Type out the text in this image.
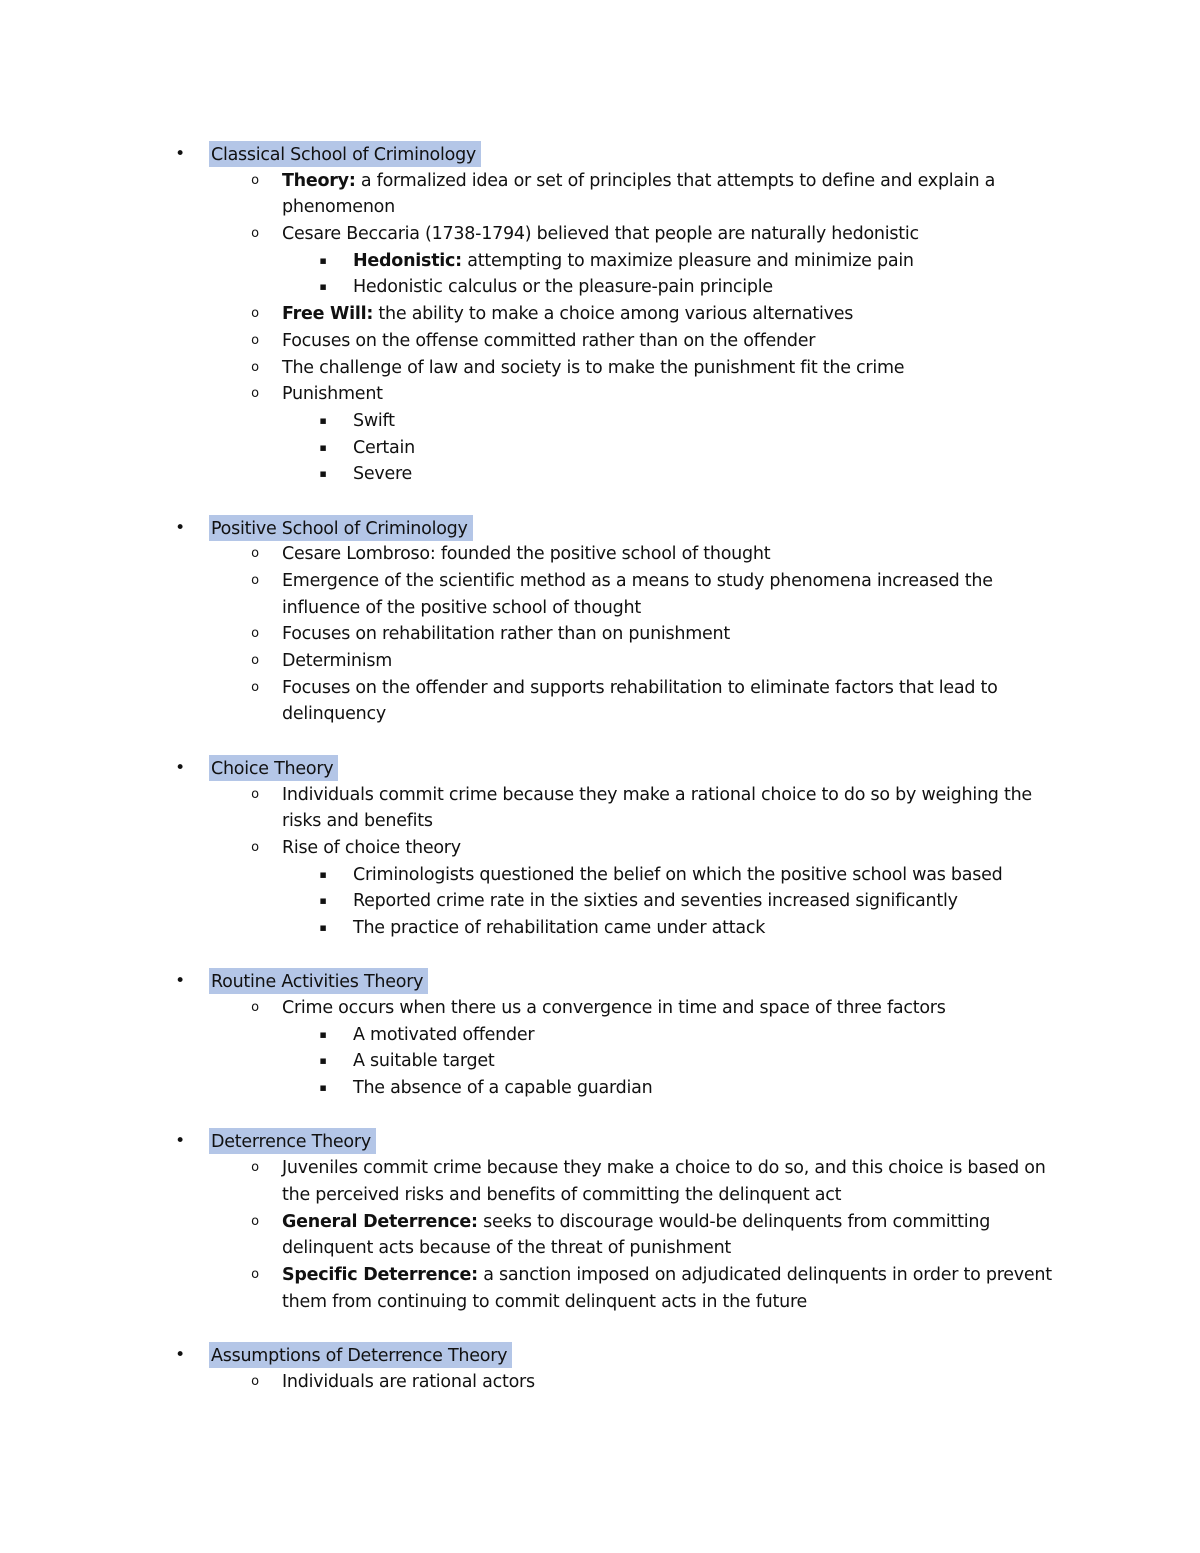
• Classical School of Criminology
o	Theory: a formalized idea or set of principles that attempts to define and explain a
phenomenon
o	Cesare Beccaria (1738-1794) believed that people are naturally hedonistic
▪	Hedonistic: attempting to maximize pleasure and minimize pain
▪	Hedonistic calculus or the pleasure-pain principle
o	Free Will: the ability to make a choice among various alternatives
o	Focuses on the offense committed rather than on the offender
o	The challenge of law and society is to make the punishment fit the crime
o	Punishment
▪	Swift
▪	Certain
▪	Severe
• Positive School of Criminology
o	Cesare Lombroso: founded the positive school of thought
o	Emergence of the scientific method as a means to study phenomena increased the
influence of the positive school of thought
o	Focuses on rehabilitation rather than on punishment
o	Determinism
o	Focuses on the offender and supports rehabilitation to eliminate factors that lead to
delinquency
• Choice Theory
o	Individuals commit crime because they make a rational choice to do so by weighing the
risks and benefits
o	Rise of choice theory
▪	Criminologists questioned the belief on which the positive school was based
▪	Reported crime rate in the sixties and seventies increased significantly
▪	The practice of rehabilitation came under attack
• Routine Activities Theory
o	Crime occurs when there us a convergence in time and space of three factors
▪	A motivated offender
▪	A suitable target
▪	The absence of a capable guardian
• Deterrence Theory
o	Juveniles commit crime because they make a choice to do so, and this choice is based on
the perceived risks and benefits of committing the delinquent act
o	General Deterrence: seeks to discourage would-be delinquents from committing
delinquent acts because of the threat of punishment
o	Specific Deterrence: a sanction imposed on adjudicated delinquents in order to prevent
them from continuing to commit delinquent acts in the future
• Assumptions of Deterrence Theory
o	Individuals are rational actors
